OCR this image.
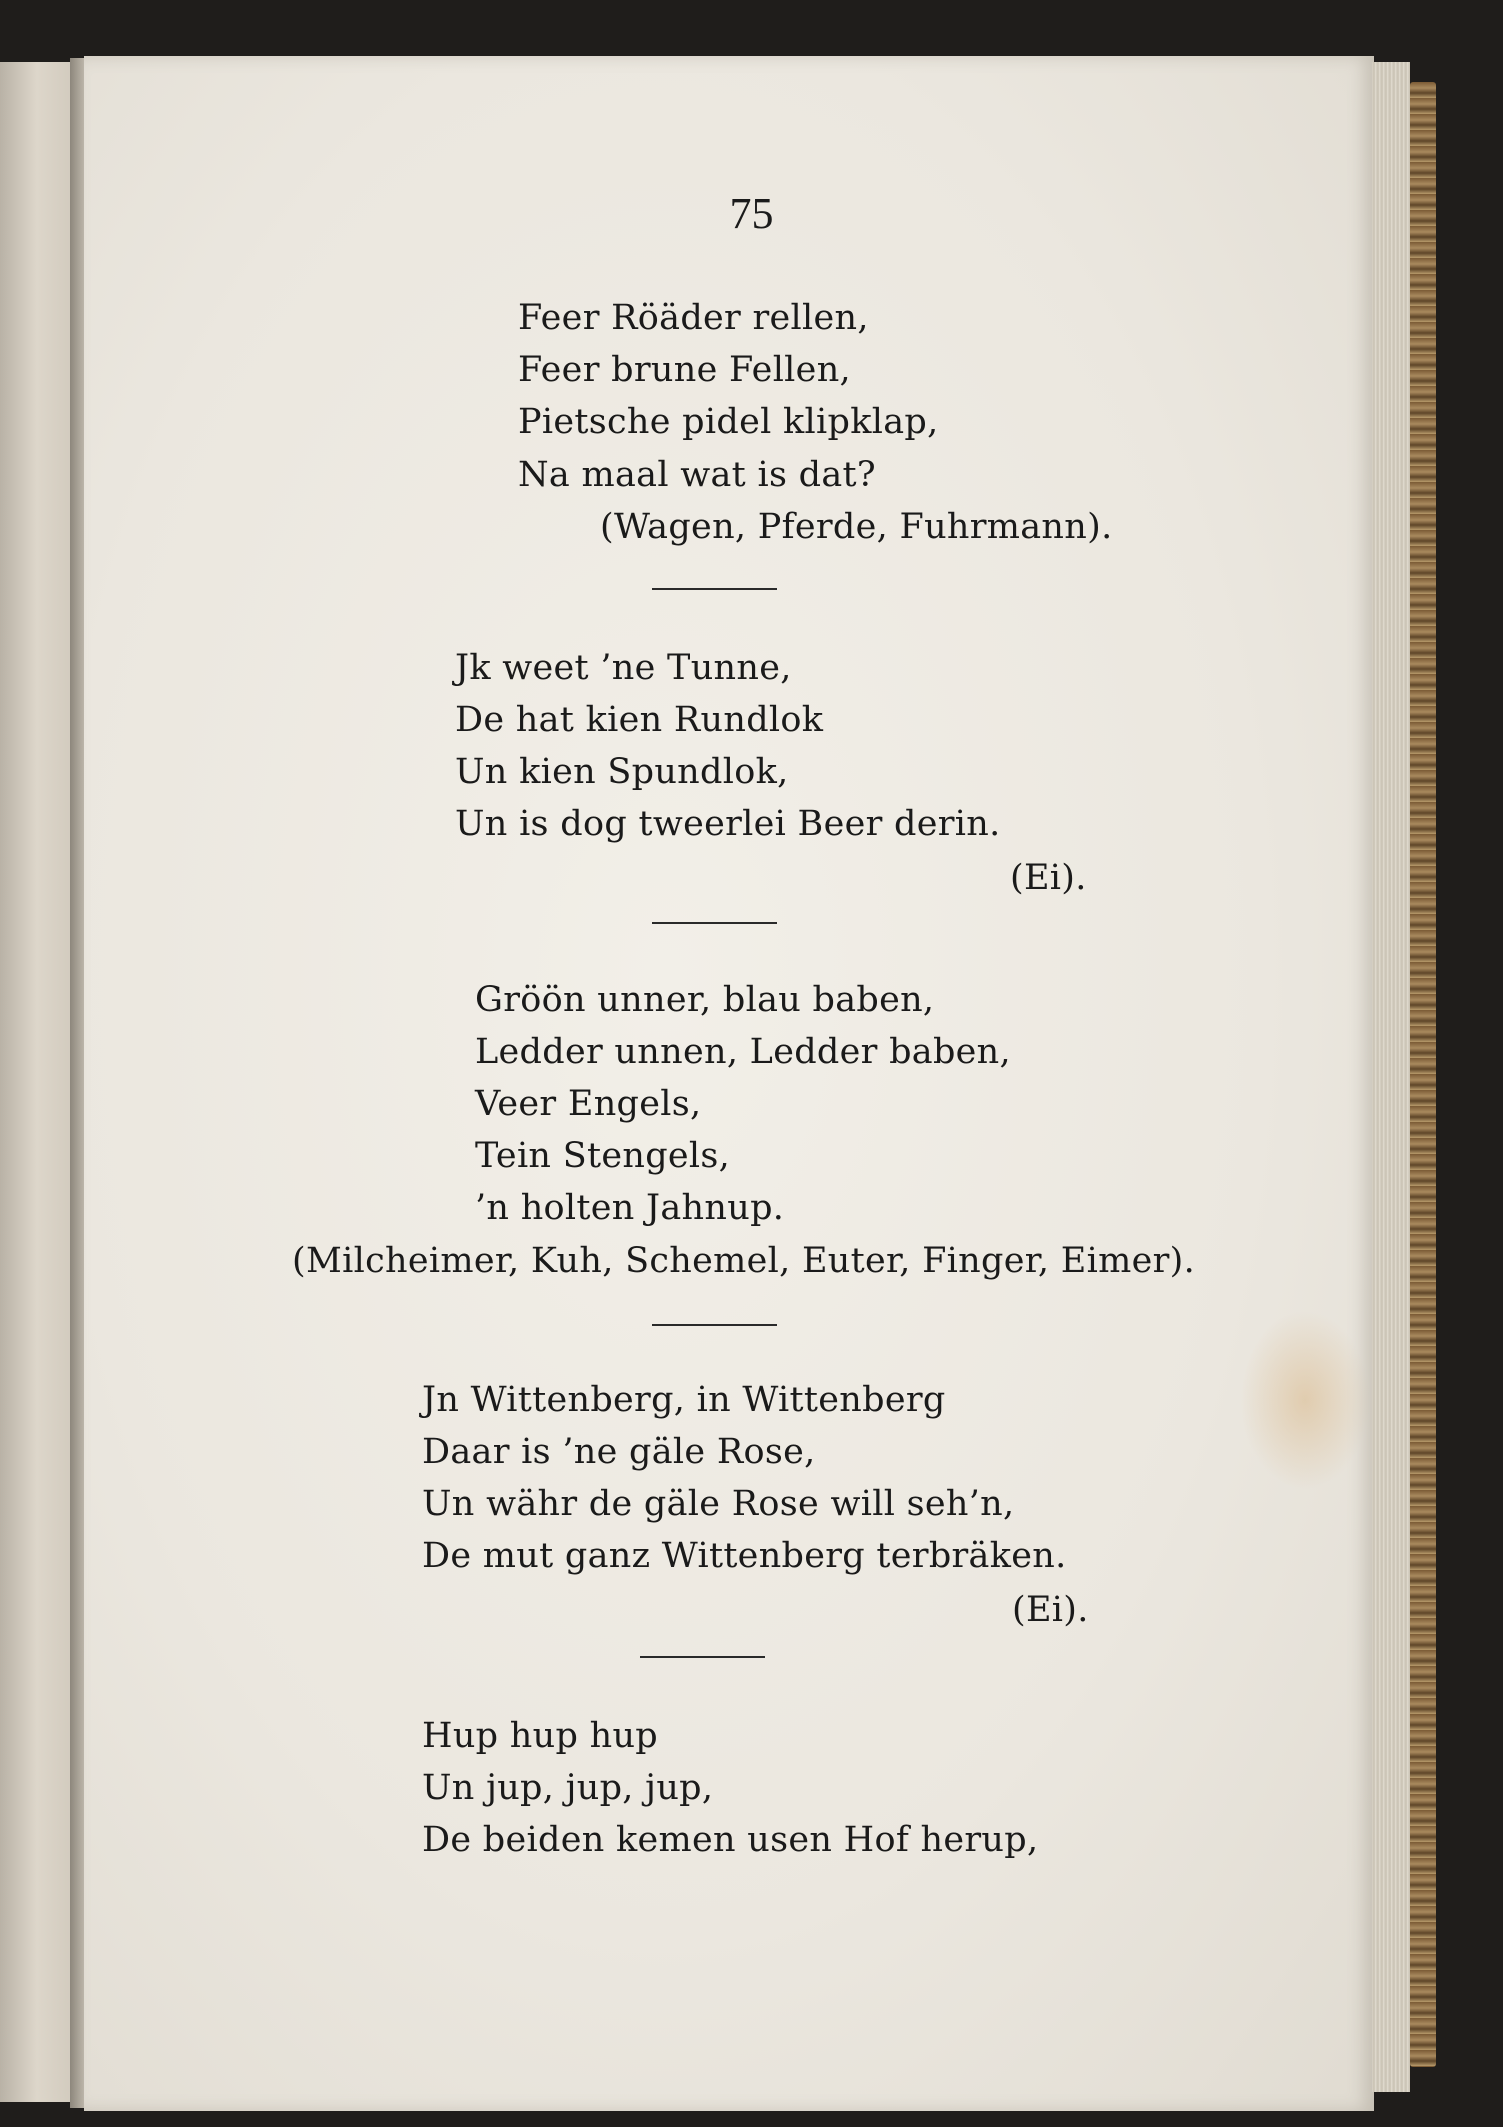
75
Feer Röäder rellen,
Feer brune Fellen,
Pietsche pidel klipklap,
Na maal wat is dat?
(Wagen, Pferde, Fuhrmann).
Jk weet ’ne Tunne,
De hat kien Rundlok
Un kien Spundlok,
Un is dog tweerlei Beer derin.
(Ei).
Gröön unner, blau baben,
Ledder unnen, Ledder baben,
Veer Engels,
Tein Stengels,
’n holten Jahnup.
(Milcheimer, Kuh, Schemel, Euter, Finger, Eimer).
Jn Wittenberg, in Wittenberg
Daar is ’ne gäle Rose,
Un währ de gäle Rose will seh’n,
De mut ganz Wittenberg terbräken.
(Ei).
Hup hup hup
Un jup, jup, jup,
De beiden kemen usen Hof herup,
